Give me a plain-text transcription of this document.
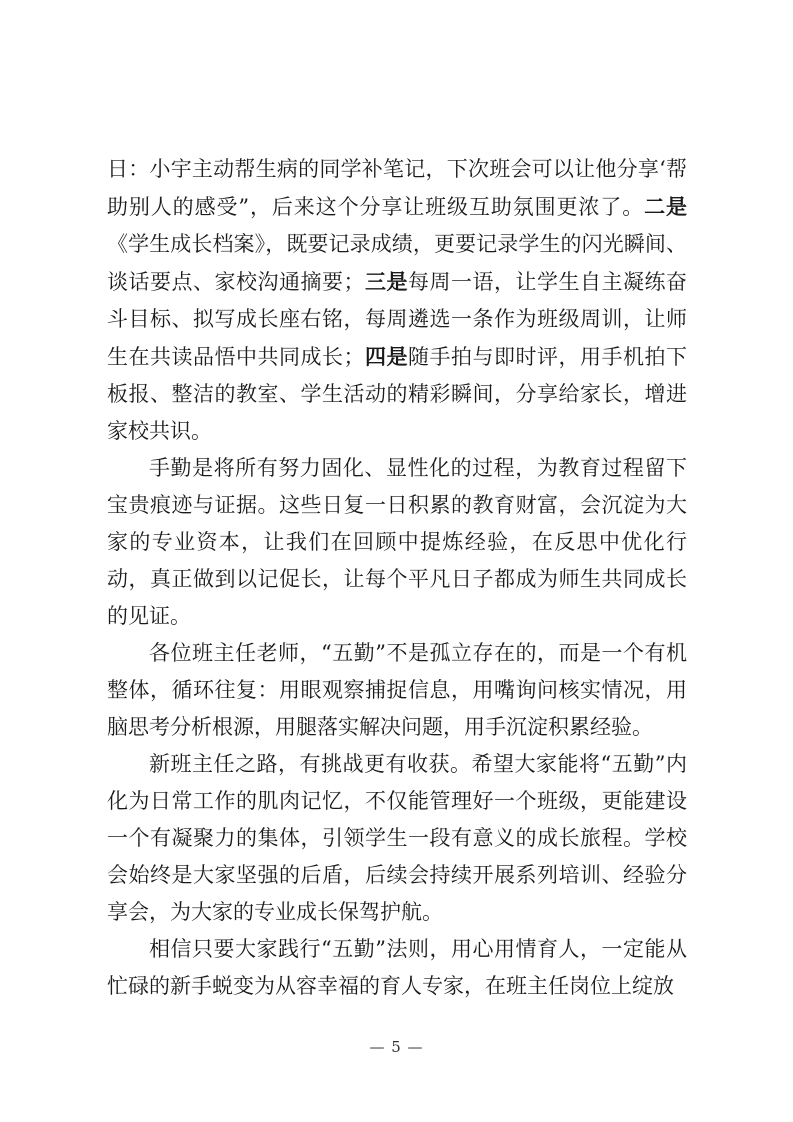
日：小宇主动帮生病的同学补笔记，下次班会可以让他分享‘帮助别人的感受”，后来这个分享让班级互助氛围更浓了。二是《学生成长档案》，既要记录成绩，更要记录学生的闪光瞬间、谈话要点、家校沟通摘要；三是每周一语，让学生自主凝练奋斗目标、拟写成长座右铭，每周遴选一条作为班级周训，让师生在共读品悟中共同成长；四是随手拍与即时评，用手机拍下板报、整洁的教室、学生活动的精彩瞬间，分享给家长，增进家校共识。

手勤是将所有努力固化、显性化的过程，为教育过程留下宝贵痕迹与证据。这些日复一日积累的教育财富，会沉淀为大家的专业资本，让我们在回顾中提炼经验，在反思中优化行动，真正做到以记促长，让每个平凡日子都成为师生共同成长的见证。

各位班主任老师，“五勤”不是孤立存在的，而是一个有机整体，循环往复：用眼观察捕捉信息，用嘴询问核实情况，用脑思考分析根源，用腿落实解决问题，用手沉淀积累经验。

新班主任之路，有挑战更有收获。希望大家能将“五勤”内化为日常工作的肌肉记忆，不仅能管理好一个班级，更能建设一个有凝聚力的集体，引领学生一段有意义的成长旅程。学校会始终是大家坚强的后盾，后续会持续开展系列培训、经验分享会，为大家的专业成长保驾护航。

相信只要大家践行“五勤”法则，用心用情育人，一定能从忙碌的新手蜕变为从容幸福的育人专家，在班主任岗位上绽放

— 5 —
